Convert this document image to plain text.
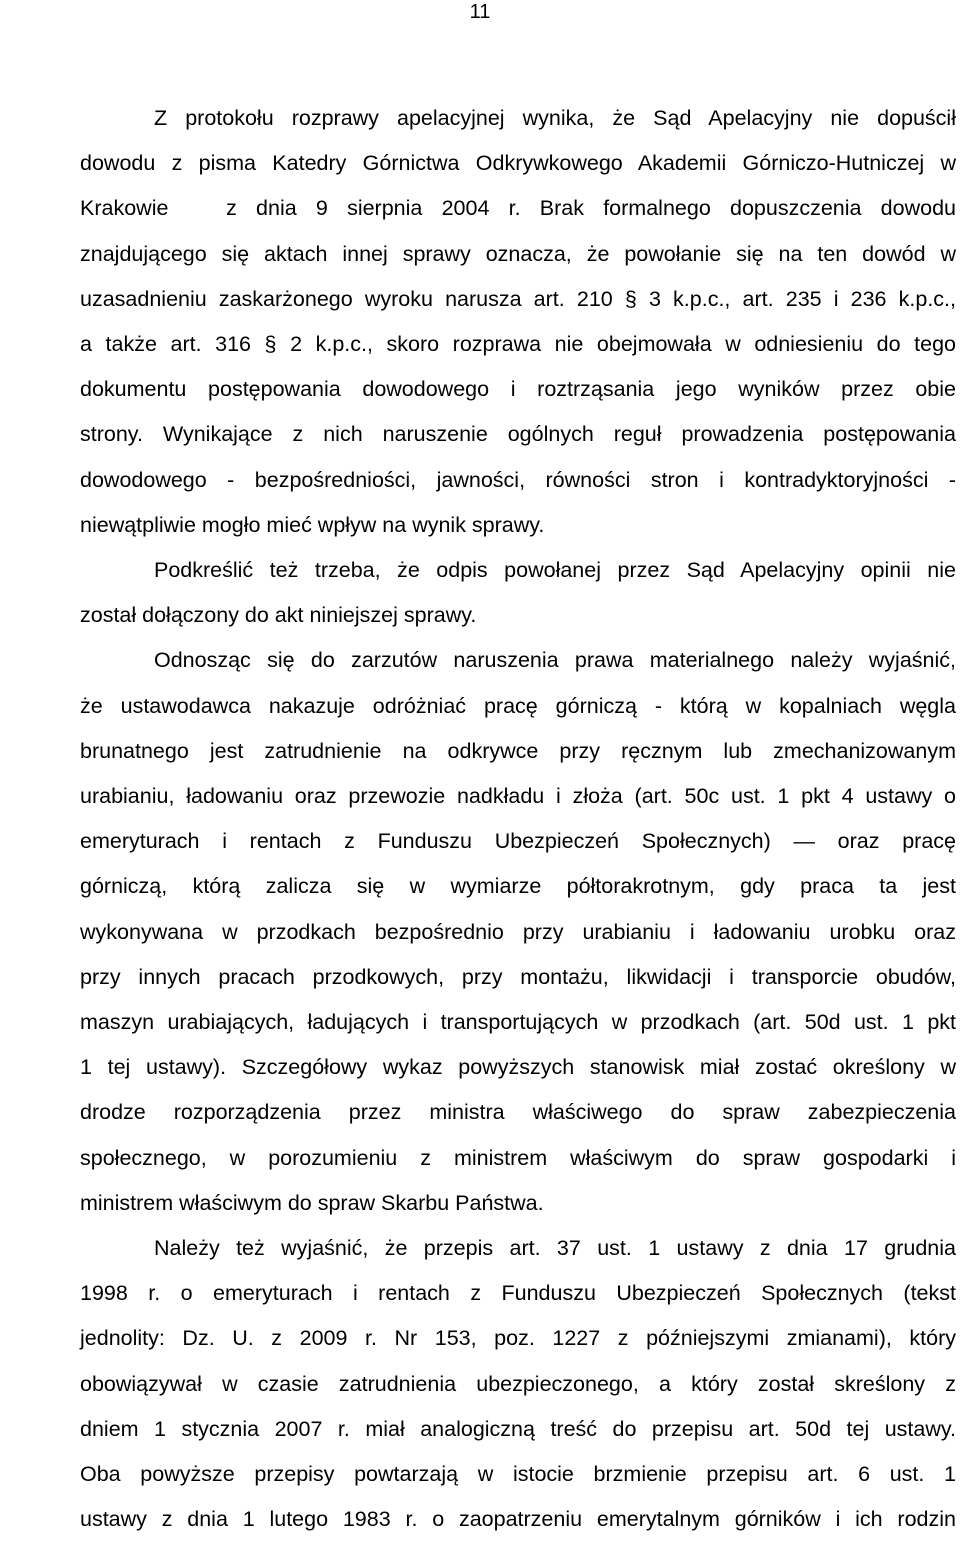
11

Z protokołu rozprawy apelacyjnej wynika, że Sąd Apelacyjny nie dopuścił
dowodu z pisma Katedry Górnictwa Odkrywkowego Akademii Górniczo-Hutniczej w
Krakowie   z dnia 9 sierpnia 2004 r. Brak formalnego dopuszczenia dowodu
znajdującego się aktach innej sprawy oznacza, że powołanie się na ten dowód w
uzasadnieniu zaskarżonego wyroku narusza art. 210 § 3 k.p.c., art. 235 i 236 k.p.c.,
a także art. 316 § 2 k.p.c., skoro rozprawa nie obejmowała w odniesieniu do tego
dokumentu postępowania dowodowego i roztrząsania jego wyników przez obie
strony. Wynikające z nich naruszenie ogólnych reguł prowadzenia postępowania
dowodowego - bezpośredniości, jawności, równości stron i kontradyktoryjności -
niewątpliwie mogło mieć wpływ na wynik sprawy.

Podkreślić też trzeba, że odpis powołanej przez Sąd Apelacyjny opinii nie
został dołączony do akt niniejszej sprawy.

Odnosząc się do zarzutów naruszenia prawa materialnego należy wyjaśnić,
że ustawodawca nakazuje odróżniać pracę górniczą - którą w kopalniach węgla
brunatnego jest zatrudnienie na odkrywce przy ręcznym lub zmechanizowanym
urabianiu, ładowaniu oraz przewozie nadkładu i złoża (art. 50c ust. 1 pkt 4 ustawy o
emeryturach i rentach z Funduszu Ubezpieczeń Społecznych) — oraz pracę
górniczą, którą zalicza się w wymiarze półtorakrotnym, gdy praca ta jest
wykonywana w przodkach bezpośrednio przy urabianiu i ładowaniu urobku oraz
przy innych pracach przodkowych, przy montażu, likwidacji i transporcie obudów,
maszyn urabiających, ładujących i transportujących w przodkach (art. 50d ust. 1 pkt
1 tej ustawy). Szczegółowy wykaz powyższych stanowisk miał zostać określony w
drodze rozporządzenia przez ministra właściwego do spraw zabezpieczenia
społecznego, w porozumieniu z ministrem właściwym do spraw gospodarki i
ministrem właściwym do spraw Skarbu Państwa.

Należy też wyjaśnić, że przepis art. 37 ust. 1 ustawy z dnia 17 grudnia
1998 r. o emeryturach i rentach z Funduszu Ubezpieczeń Społecznych (tekst
jednolity: Dz. U. z 2009 r. Nr 153, poz. 1227 z późniejszymi zmianami), który
obowiązywał w czasie zatrudnienia ubezpieczonego, a który został skreślony z
dniem 1 stycznia 2007 r. miał analogiczną treść do przepisu art. 50d tej ustawy.
Oba powyższe przepisy powtarzają w istocie brzmienie przepisu art. 6 ust. 1
ustawy z dnia 1 lutego 1983 r. o zaopatrzeniu emerytalnym górników i ich rodzin
